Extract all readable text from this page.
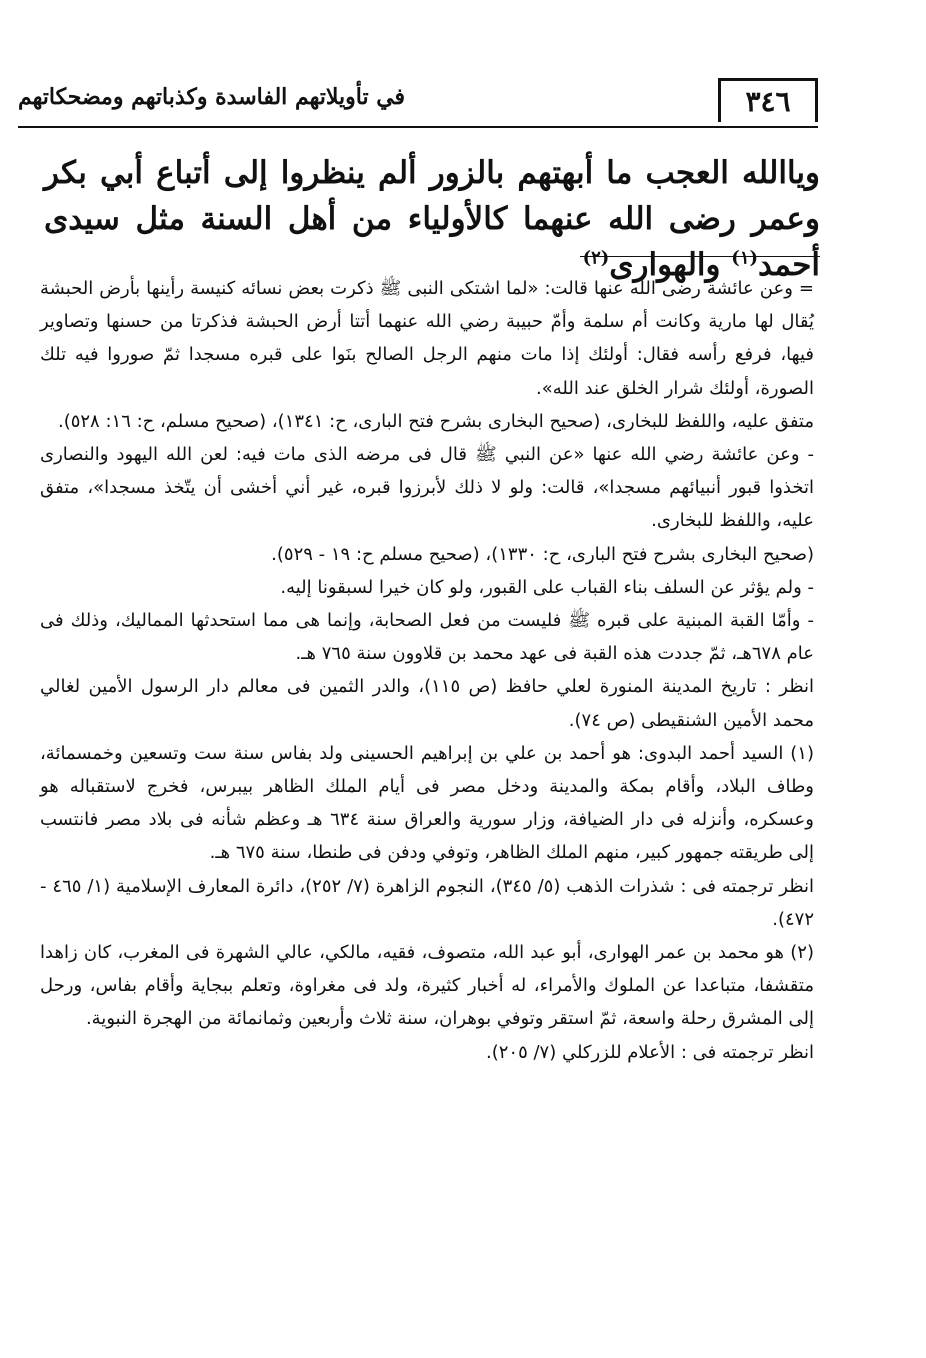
٣٤٦
في تأويلاتهم الفاسدة وكذباتهم ومضحكاتهم
وياالله العجب ما أبهتهم بالزور ألم ينظروا إلى أتباع أبي بكر وعمر رضى الله عنهما كالأولياء من أهل السنة مثل سيدى أحمد$^{(١)}$ والهوارى$^{(٢)}$

= وعن عائشة رضى الله عنها قالت: «لما اشتكى النبى ﷺ ذكرت بعض نسائه كنيسة رأينها بأرض الحبشة يُقال لها مارية وكانت أم سلمة وأمّ حبيبة رضي الله عنهما أتتا أرض الحبشة فذكرتا من حسنها وتصاوير فيها، فرفع رأسه فقال: أولئك إذا مات منهم الرجل الصالح بنَوا على قبره مسجدا ثمّ صوروا فيه تلك الصورة، أولئك شرار الخلق عند الله».

متفق عليه، واللفظ للبخارى، (صحيح البخارى بشرح فتح البارى، ح: ١٣٤١)، (صحيح مسلم، ح: ١٦: ٥٢٨).

- وعن عائشة رضي الله عنها «عن النبي ﷺ قال فى مرضه الذى مات فيه: لعن الله اليهود والنصارى اتخذوا قبور أنبيائهم مسجدا»، قالت: ولو لا ذلك لأبرزوا قبره، غير أني أخشى أن يتّخذ مسجدا»، متفق عليه، واللفظ للبخارى.

(صحيح البخارى بشرح فتح البارى، ح: ١٣٣٠)، (صحيح مسلم ح: ١٩ - ٥٢٩).

- ولم يؤثر عن السلف بناء القباب على القبور، ولو كان خيرا لسبقونا إليه.

- وأمّا القبة المبنية على قبره ﷺ فليست من فعل الصحابة، وإنما هى مما استحدثها المماليك، وذلك فى عام ٦٧٨هـ، ثمّ جددت هذه القبة فى عهد محمد بن قلاوون سنة ٧٦٥ هـ.

انظر : تاريخ المدينة المنورة لعلي حافظ (ص ١١٥)، والدر الثمين فى معالم دار الرسول الأمين لغالي محمد الأمين الشنقيطى (ص ٧٤).

(١) السيد أحمد البدوى: هو أحمد بن علي بن إبراهيم الحسينى ولد بفاس سنة ست وتسعين وخمسمائة، وطاف البلاد، وأقام بمكة والمدينة ودخل مصر فى أيام الملك الظاهر بيبرس، فخرج لاستقباله هو وعسكره، وأنزله فى دار الضيافة، وزار سورية والعراق سنة ٦٣٤ هـ وعظم شأنه فى بلاد مصر فانتسب إلى طريقته جمهور كبير، منهم الملك الظاهر، وتوفي ودفن فى طنطا، سنة ٦٧٥ هـ.

انظر ترجمته فى : شذرات الذهب (٥/ ٣٤٥)، النجوم الزاهرة (٧/ ٢٥٢)، دائرة المعارف الإسلامية (١/ ٤٦٥ - ٤٧٢).

(٢) هو محمد بن عمر الهوارى، أبو عبد الله، متصوف، فقيه، مالكي، عالي الشهرة فى المغرب، كان زاهدا متقشفا، متباعدا عن الملوك والأمراء، له أخبار كثيرة، ولد فى مغراوة، وتعلم ببجاية وأقام بفاس، ورحل إلى المشرق رحلة واسعة، ثمّ استقر وتوفي بوهران، سنة ثلاث وأربعين وثمانمائة من الهجرة النبوية.

انظر ترجمته فى : الأعلام للزركلي (٧/ ٢٠٥).
